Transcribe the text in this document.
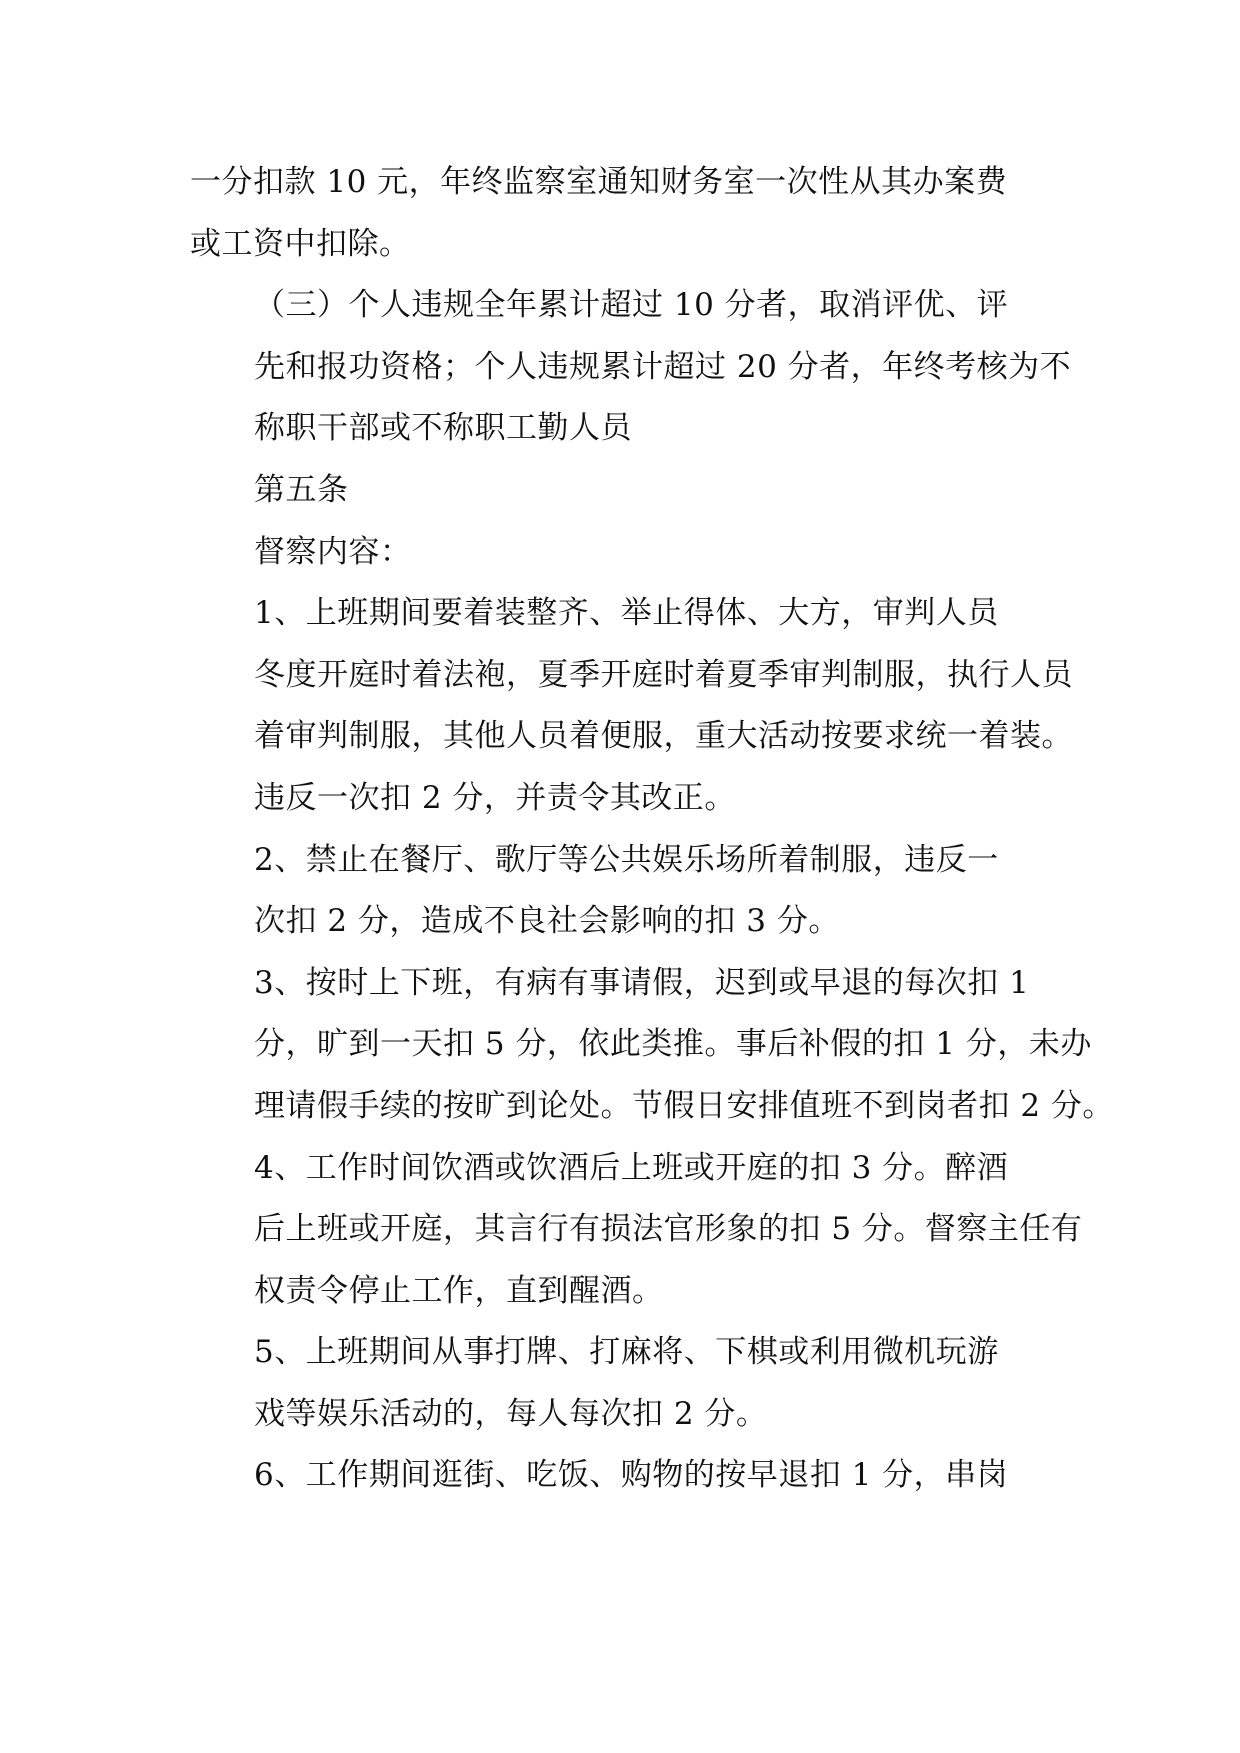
一分扣款 10 元，年终监察室通知财务室一次性从其办案费
或工资中扣除。

（三）个人违规全年累计超过 10 分者，取消评优、评
先和报功资格；个人违规累计超过 20 分者，年终考核为不
称职干部或不称职工勤人员

第五条

督察内容：

1、上班期间要着装整齐、举止得体、大方，审判人员
冬度开庭时着法袍，夏季开庭时着夏季审判制服，执行人员
着审判制服，其他人员着便服，重大活动按要求统一着装。
违反一次扣 2 分，并责令其改正。

2、禁止在餐厅、歌厅等公共娱乐场所着制服，违反一
次扣 2 分，造成不良社会影响的扣 3 分。

3、按时上下班，有病有事请假，迟到或早退的每次扣 1
分，旷到一天扣 5 分，依此类推。事后补假的扣 1 分，未办
理请假手续的按旷到论处。节假日安排值班不到岗者扣 2 分。

4、工作时间饮酒或饮酒后上班或开庭的扣 3 分。醉酒
后上班或开庭，其言行有损法官形象的扣 5 分。督察主任有
权责令停止工作，直到醒酒。

5、上班期间从事打牌、打麻将、下棋或利用微机玩游
戏等娱乐活动的，每人每次扣 2 分。

6、工作期间逛街、吃饭、购物的按早退扣 1 分，串岗
